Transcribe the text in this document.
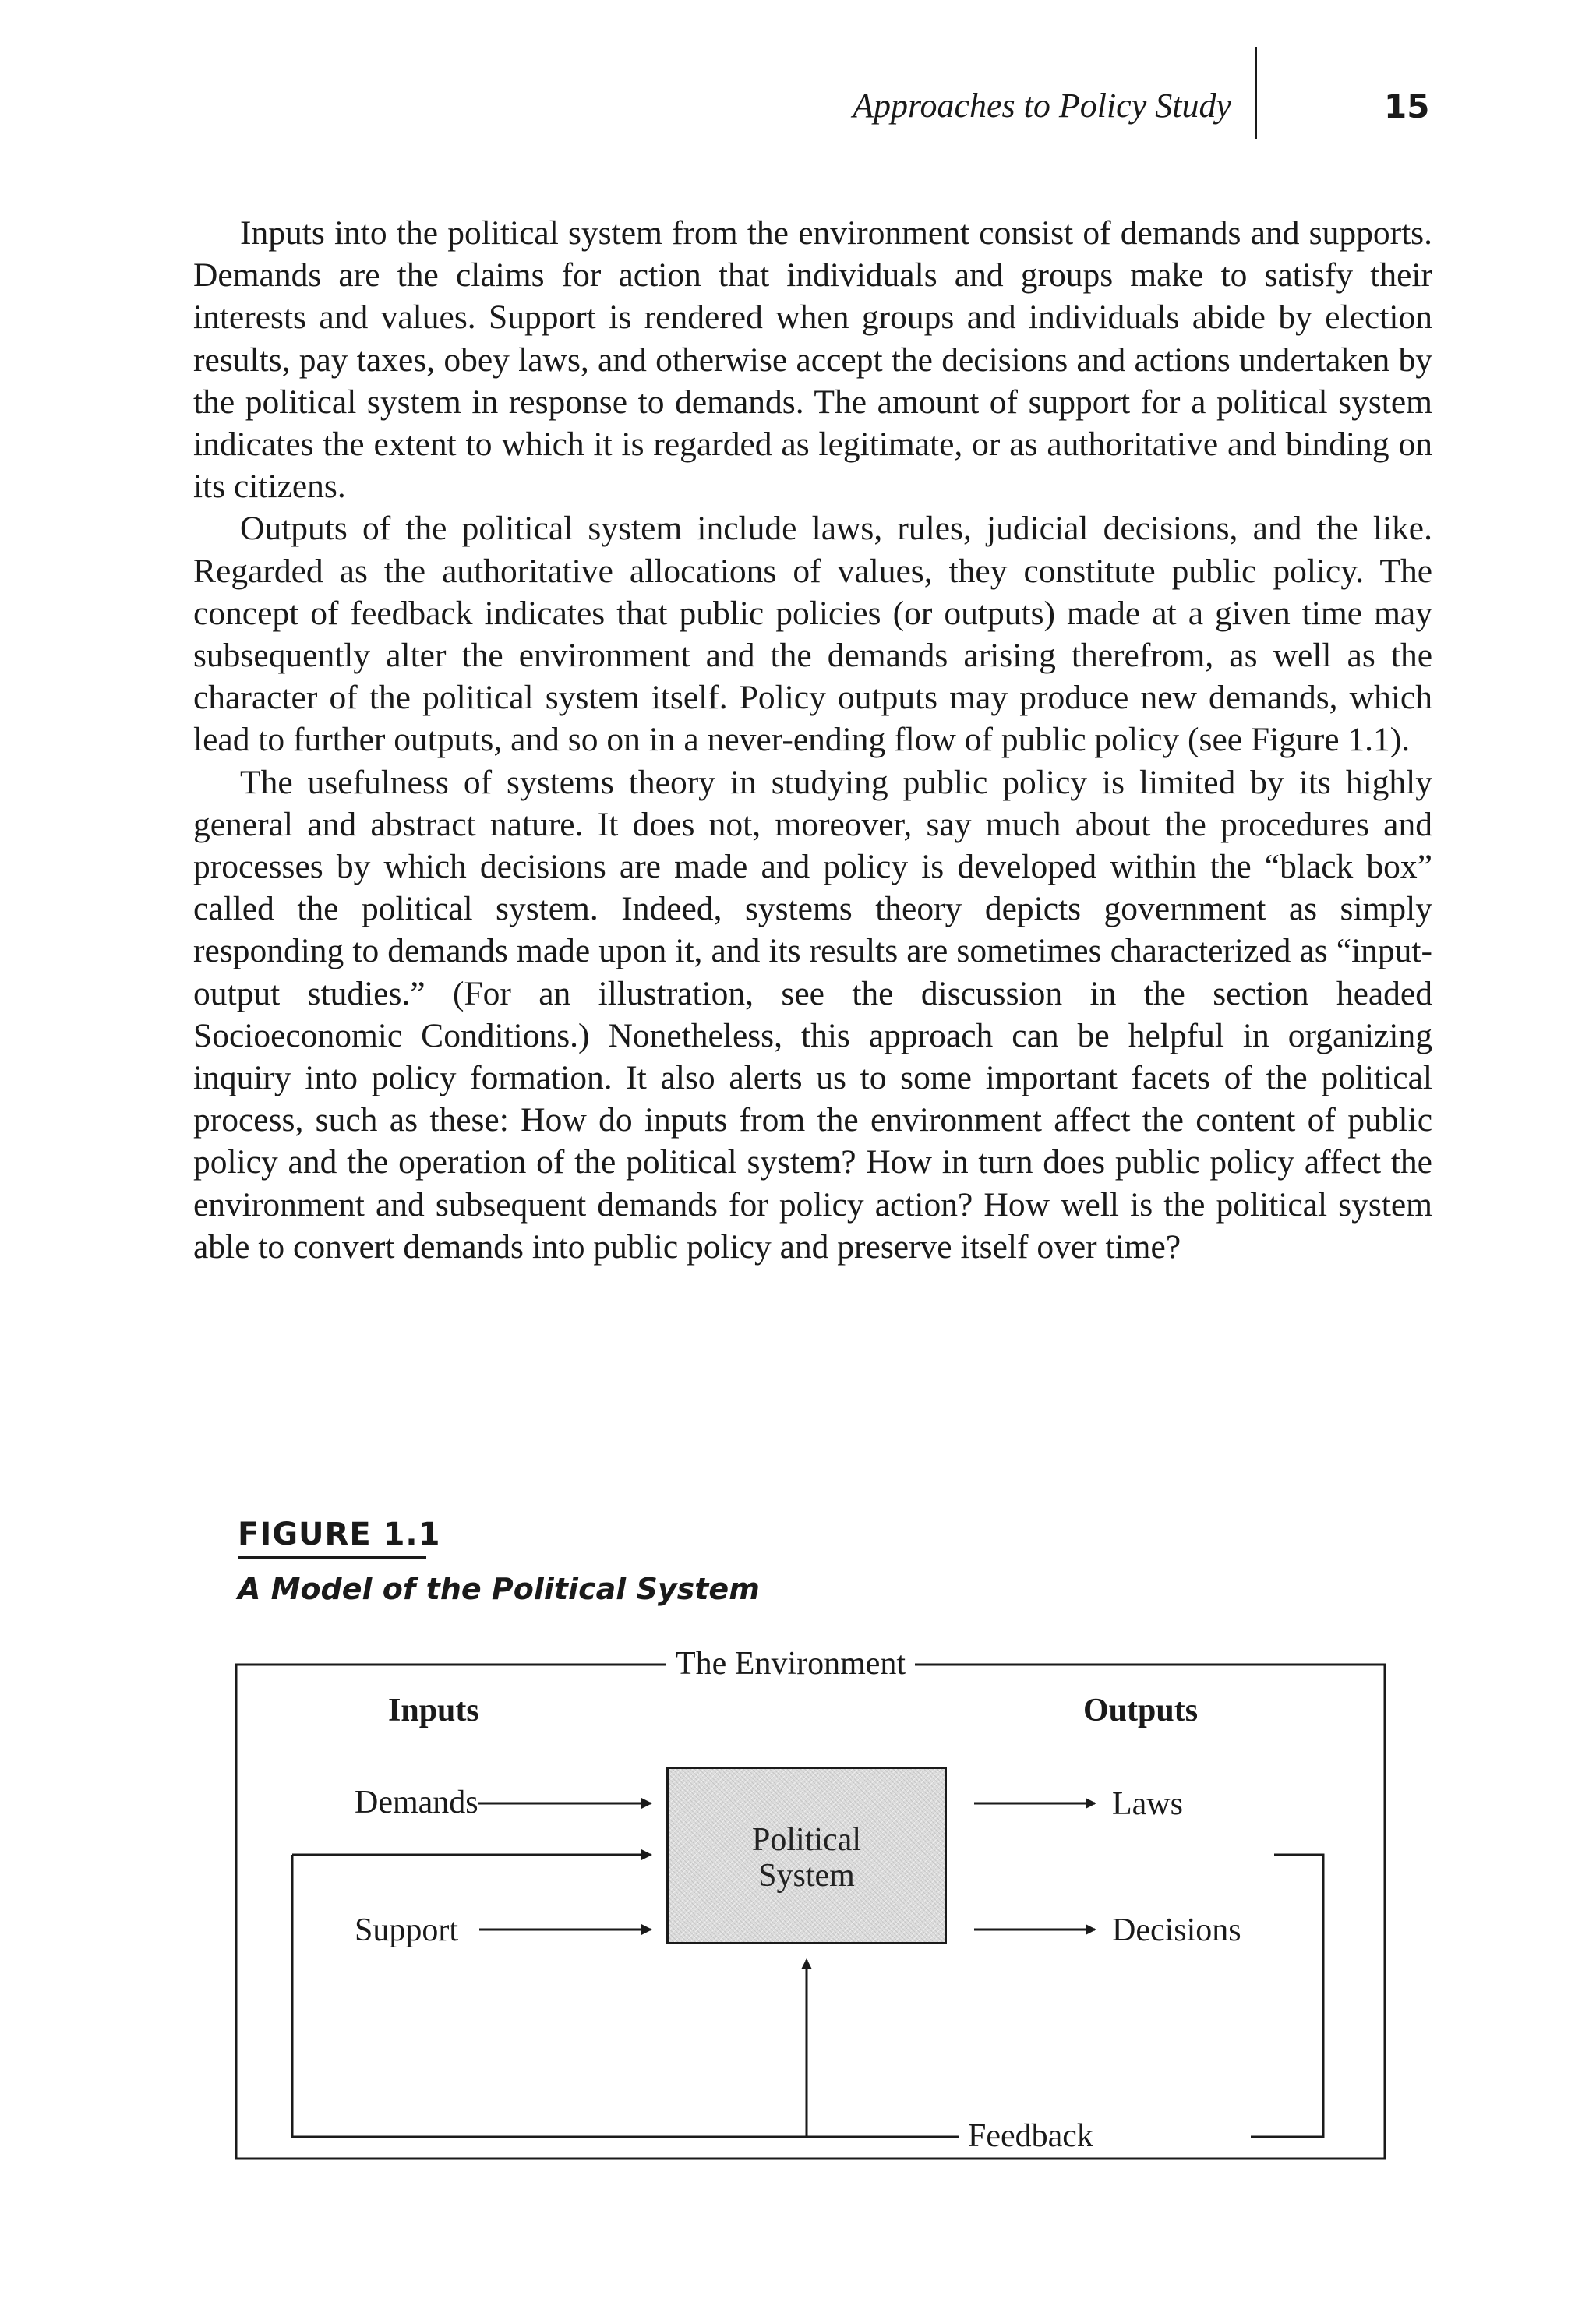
Approaches to Policy Study	15

Inputs into the political system from the environment consist of demands and supports. Demands are the claims for action that individuals and groups make to satisfy their interests and values. Support is rendered when groups and individuals abide by election results, pay taxes, obey laws, and otherwise accept the decisions and actions undertaken by the political system in response to demands. The amount of support for a political system indicates the extent to which it is regarded as legitimate, or as authoritative and binding on its citizens.

Outputs of the political system include laws, rules, judicial decisions, and the like. Regarded as the authoritative allocations of values, they constitute public policy. The concept of feedback indicates that public policies (or outputs) made at a given time may subsequently alter the environment and the demands arising therefrom, as well as the character of the political system itself. Policy outputs may produce new demands, which lead to further outputs, and so on in a never-ending flow of public policy (see Figure 1.1).

The usefulness of systems theory in studying public policy is limited by its highly general and abstract nature. It does not, moreover, say much about the procedures and processes by which decisions are made and policy is developed within the “black box” called the political system. Indeed, systems theory depicts government as simply responding to demands made upon it, and its results are sometimes characterized as “input-output studies.” (For an illustration, see the discussion in the section headed Socioeconomic Conditions.) Nonetheless, this approach can be helpful in organizing inquiry into policy formation. It also alerts us to some important facets of the political process, such as these: How do inputs from the environment affect the content of public policy and the operation of the political system? How in turn does public policy affect the environment and subsequent demands for policy action? How well is the political system able to convert demands into public policy and preserve itself over time?

FIGURE 1.1
A Model of the Political System
The Environment
Inputs	Outputs
Demands
Support
Political
System
Laws
Decisions
Feedback
